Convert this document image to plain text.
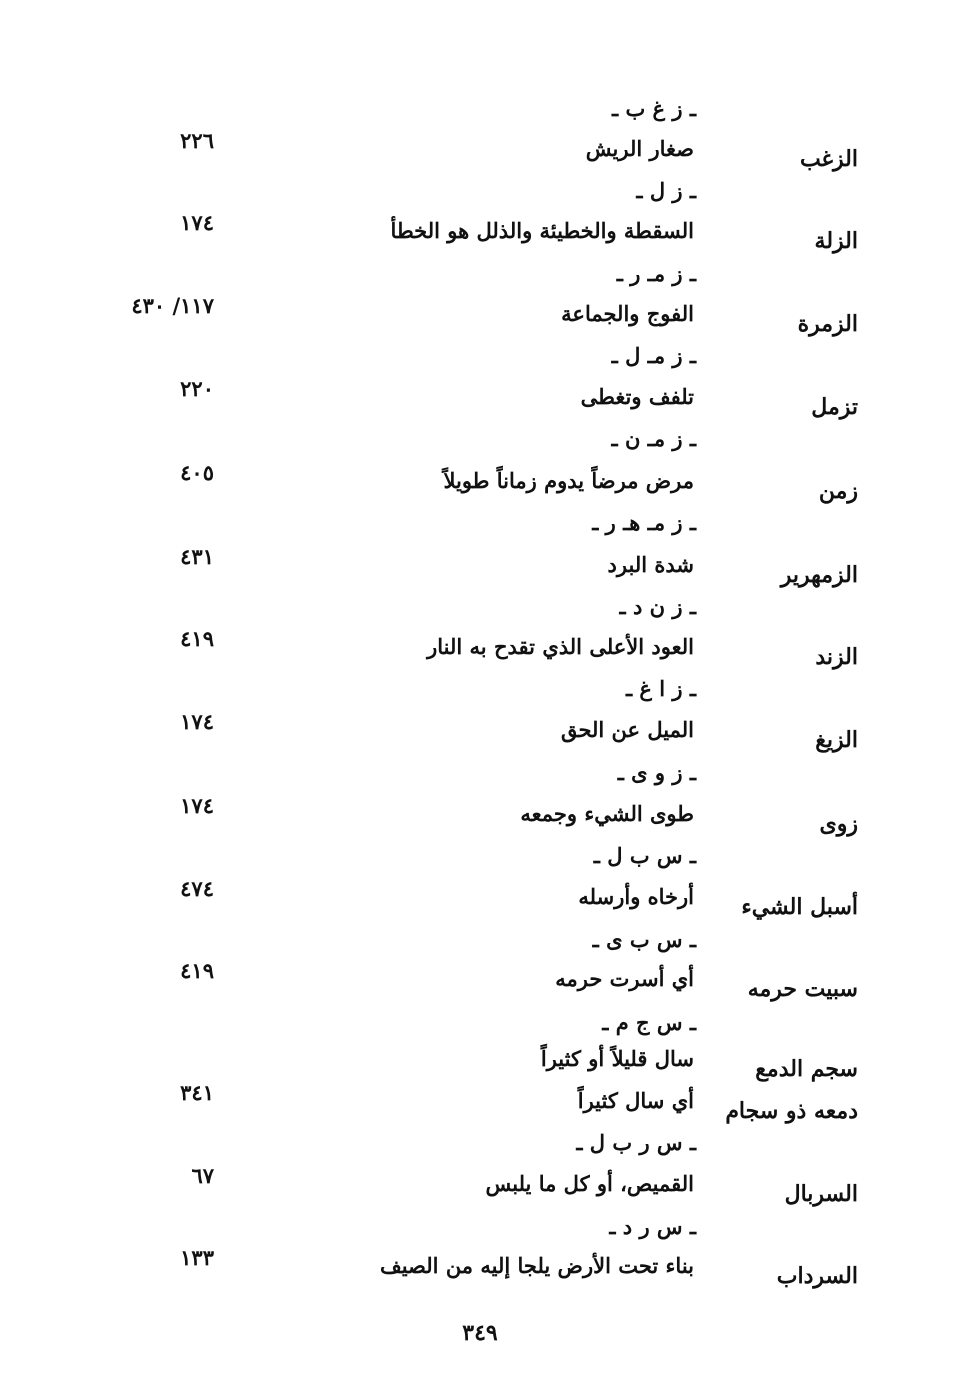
ـ ز غ ب ـ
الزغب
صغار الريش
٢٢٦
ـ ز ل ـ
الزلة
السقطة والخطيئة والذلل هو الخطأ
١٧٤
ـ ز مـ ر ـ
الزمرة
الفوج والجماعة
١١٧/ ٤٣٠
ـ ز مـ ل ـ
تزمل
تلفف وتغطى
٢٢٠
ـ ز مـ ن ـ
زمن
مرض مرضاً يدوم زماناً طويلاً
٤٠٥
ـ ز مـ هـ ر ـ
الزمهرير
شدة البرد
٤٣١
ـ ز ن د ـ
الزند
العود الأعلى الذي تقدح به النار
٤١٩
ـ ز ا غ ـ
الزيغ
الميل عن الحق
١٧٤
ـ ز و ى ـ
زوى
طوى الشيء وجمعه
١٧٤
ـ س ب ل ـ
أسبل الشيء
أرخاه وأرسله
٤٧٤
ـ س ب ى ـ
سبيت حرمه
أي أسرت حرمه
٤١٩
ـ س ج م ـ
سجم الدمع
سال قليلاً أو كثيراً
دمعه ذو سجام
أي سال كثيراً
٣٤١
ـ س ر ب ل ـ
السربال
القميص، أو كل ما يلبس
٦٧
ـ س ر د ـ
السرداب
بناء تحت الأرض يلجا إليه من الصيف
١٣٣
٣٤٩
